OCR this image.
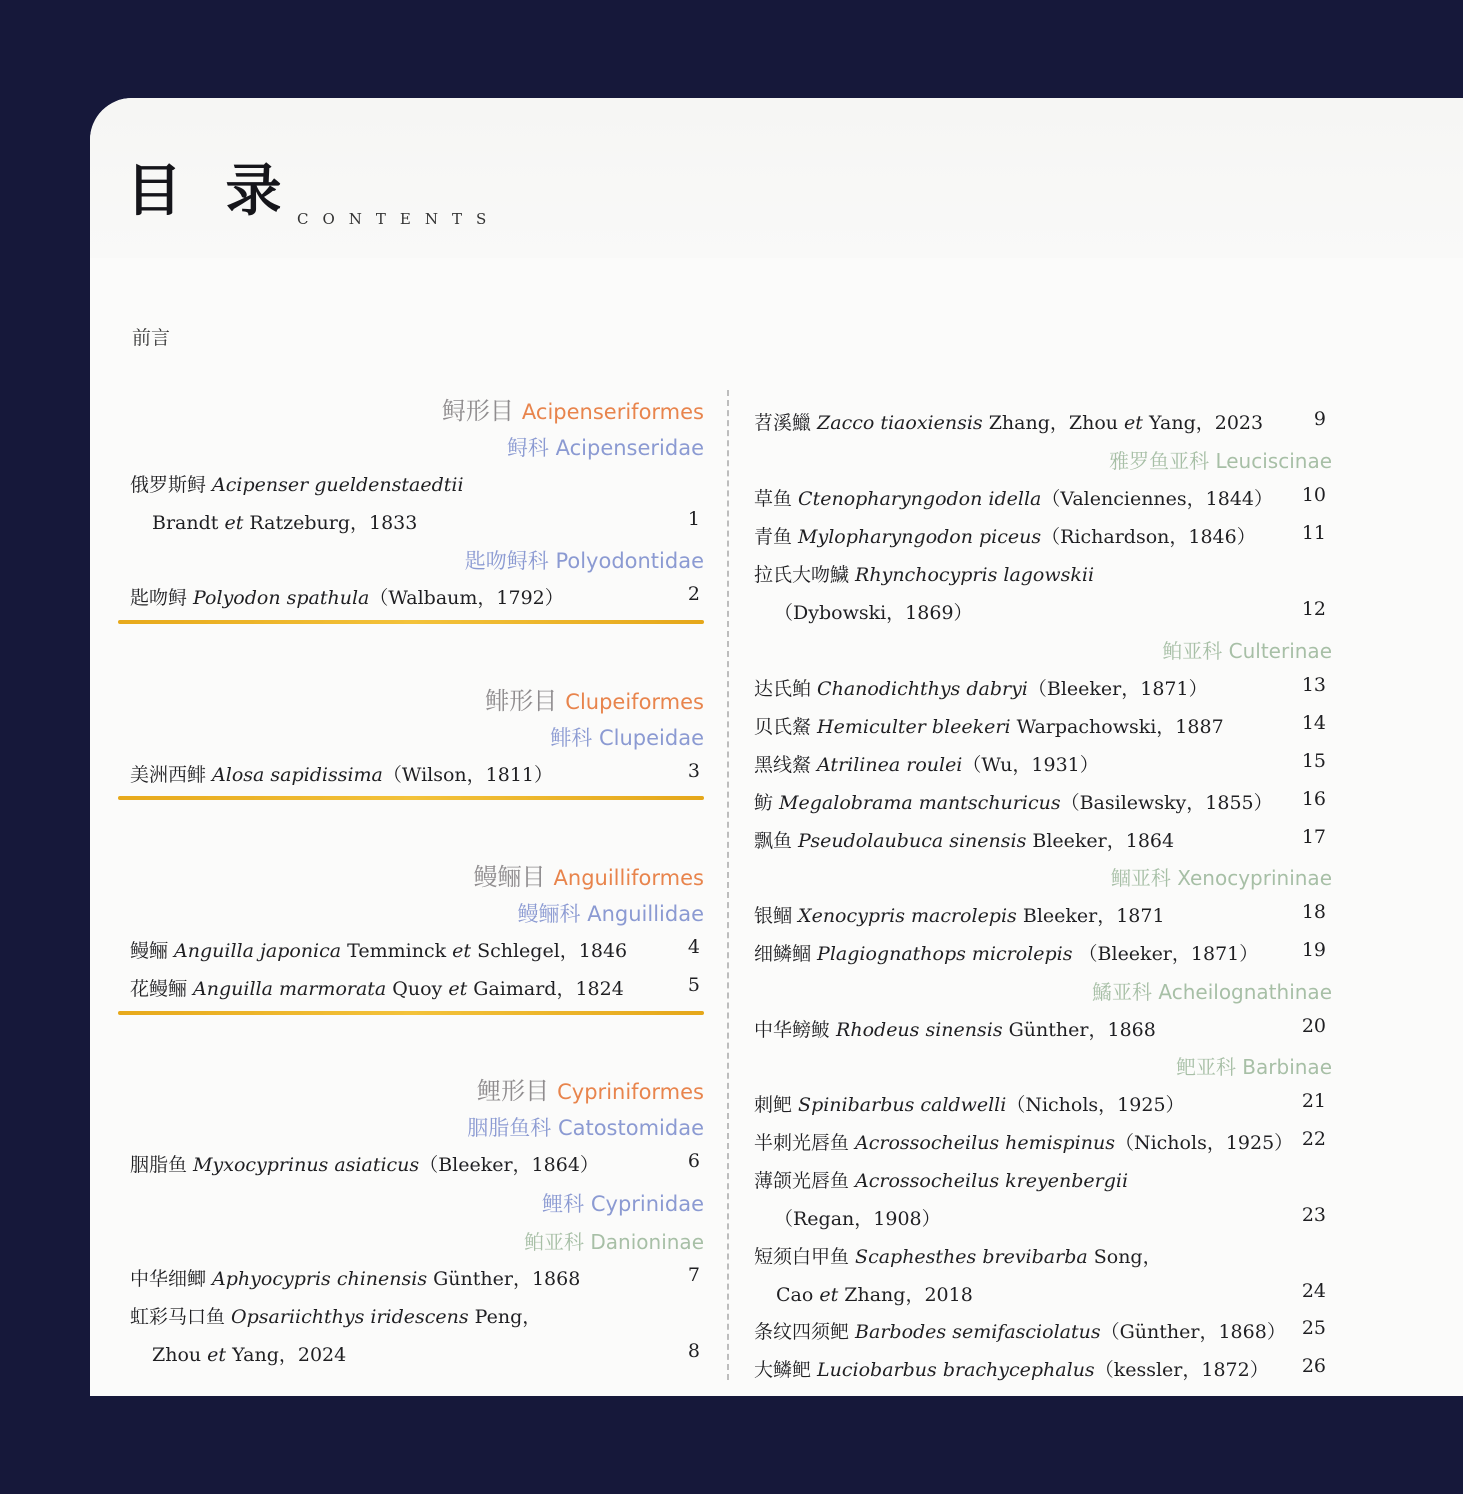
目 录 CONTENTS
前言
鲟形目 Acipenseriformes
鲟科 Acipenseridae
俄罗斯鲟 Acipenser gueldenstaedtii
Brandt et Ratzeburg，1833	1
匙吻鲟科 Polyodontidae
匙吻鲟 Polyodon spathula（Walbaum，1792）	2
鲱形目 Clupeiformes
鲱科 Clupeidae
美洲西鲱 Alosa sapidissima（Wilson，1811）	3
鳗鲡目 Anguilliformes
鳗鲡科 Anguillidae
鳗鲡 Anguilla japonica Temminck et Schlegel，1846	4
花鳗鲡 Anguilla marmorata Quoy et Gaimard，1824	5
鲤形目 Cypriniformes
胭脂鱼科 Catostomidae
胭脂鱼 Myxocyprinus asiaticus（Bleeker，1864）	6
鲤科 Cyprinidae
鲌亚科 Danioninae
中华细鲫 Aphyocypris chinensis Günther，1868	7
虹彩马口鱼 Opsariichthys iridescens Peng，
Zhou et Yang，2024	8
苕溪鱲 Zacco tiaoxiensis Zhang，Zhou et Yang，2023	9
雅罗鱼亚科 Leuciscinae
草鱼 Ctenopharyngodon idella（Valenciennes，1844）	10
青鱼 Mylopharyngodon piceus（Richardson，1846）	11
拉氏大吻鱥 Rhynchocypris lagowskii
（Dybowski，1869）	12
鲌亚科 Culterinae
达氏鲌 Chanodichthys dabryi（Bleeker，1871）	13
贝氏䱗 Hemiculter bleekeri Warpachowski，1887	14
黑线䱗 Atrilinea roulei（Wu，1931）	15
鲂 Megalobrama mantschuricus（Basilewsky，1855）	16
飘鱼 Pseudolaubuca sinensis Bleeker，1864	17
鲴亚科 Xenocyprininae
银鲴 Xenocypris macrolepis Bleeker，1871	18
细鳞鲴 Plagiognathops microlepis （Bleeker，1871）	19
鱊亚科 Acheilognathinae
中华鳑鲏 Rhodeus sinensis Günther，1868	20
鲃亚科 Barbinae
刺鲃 Spinibarbus caldwelli（Nichols，1925）	21
半刺光唇鱼 Acrossocheilus hemispinus（Nichols，1925） 22
薄颌光唇鱼 Acrossocheilus kreyenbergii
（Regan，1908）	23
短须白甲鱼 Scaphesthes brevibarba Song，
Cao et Zhang，2018	24
条纹四须鲃 Barbodes semifasciolatus（Günther，1868） 25
大鳞鲃 Luciobarbus brachycephalus（kessler，1872）	26
